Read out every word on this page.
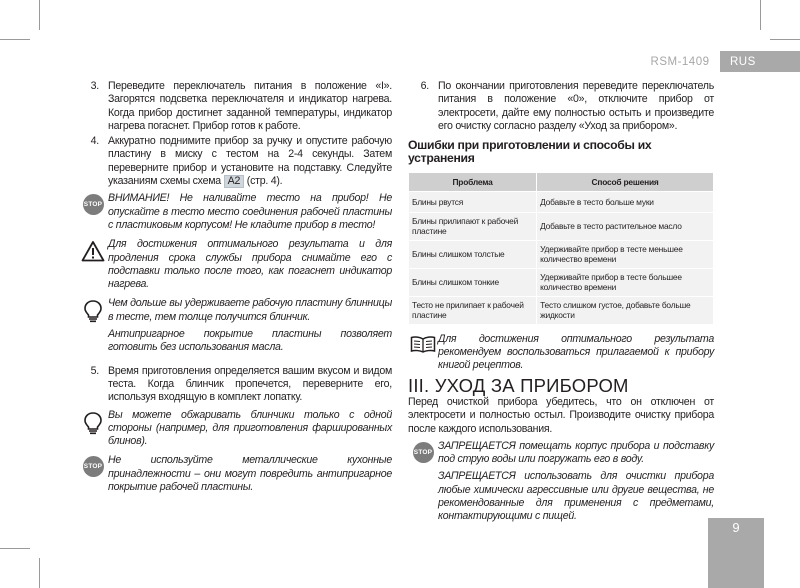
RSM-1409	RUS
3. Переведите переключатель питания в положение «I». Загорятся подсветка переключателя и индикатор нагрева. Когда прибор достигнет заданной температуры, индикатор нагрева погаснет. Прибор готов к работе.
4. Аккуратно поднимите прибор за ручку и опустите рабочую пластину в миску с тестом на 2-4 секунды. Затем переверните прибор и установите на подставку. Следуйте указаниям схемы схема A2 (стр. 4).
STOP
ВНИМАНИЕ! Не наливайте тесто на прибор! Не опускайте в тесто место соединения рабочей пластины с пластиковым корпусом! Не кладите прибор в тесто!
Для достижения оптимального результата и для продления срока службы прибора снимайте его с подставки только после того, как погаснет индикатор нагрева.

Чем дольше вы удерживаете рабочую пластину блинницы в тесте, тем толще получится блинчик.

Антипригарное покрытие пластины позволяет готовить без использования масла.

5. Время приготовления определяется вашим вкусом и видом теста. Когда блинчик пропечется, переверните его, используя входящую в комплект лопатку.
Вы можете обжаривать блинчики только с одной стороны (например, для приготовления фаршированных блинов).
STOP
Не используйте металлические кухонные принадлежности – они могут повредить антипригарное покрытие рабочей пластины.
6. По окончании приготовления переведите переключатель питания в положение «0», отключите прибор от электросети, дайте ему полностью остыть и произведите его очистку согласно разделу «Уход за прибором».
Ошибки при приготовлении и способы их устранения
Проблема	Способ решения
Блины рвутся	Добавьте в тесто больше муки
Блины прилипают к рабочей пластине	Добавьте в тесто растительное масло
Блины слишком толстые	Удерживайте прибор в тесте меньшее количество времени
Блины слишком тонкие	Удерживайте прибор в тесте большее количество времени
Тесто не прилипает к рабочей пластине	Тесто слишком густое, добавьте больше жидкости
Для достижения оптимального результата рекомендуем воспользоваться прилагаемой к прибору книгой рецептов.
III. УХОД ЗА ПРИБОРОМ

Перед очисткой прибора убедитесь, что он отключен от электросети и полностью остыл. Производите очистку прибора после каждого использования.

STOP

ЗАПРЕЩАЕТСЯ помещать корпус прибора и подставку под струю воды или погружать его в воду.

ЗАПРЕЩАЕТСЯ использовать для очистки прибора любые химически агрессивные или другие вещества, не рекомендованные для применения с предметами, контактирующими с пищей.

9
